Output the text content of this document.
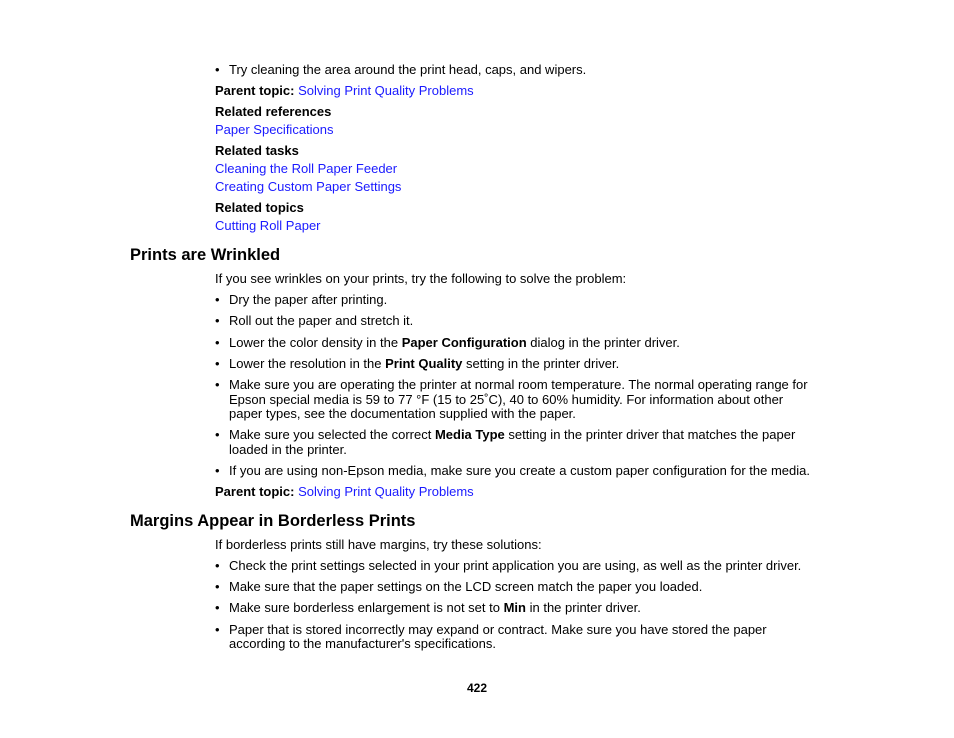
• Try cleaning the area around the print head, caps, and wipers.
Parent topic: Solving Print Quality Problems
Related references
Paper Specifications
Related tasks
Cleaning the Roll Paper Feeder
Creating Custom Paper Settings
Related topics
Cutting Roll Paper
Prints are Wrinkled
If you see wrinkles on your prints, try the following to solve the problem:
• Dry the paper after printing.
• Roll out the paper and stretch it.
• Lower the color density in the Paper Configuration dialog in the printer driver.
• Lower the resolution in the Print Quality setting in the printer driver.
• Make sure you are operating the printer at normal room temperature. The normal operating range for
Epson special media is 59 to 77 °F (15 to 25˚C), 40 to 60% humidity. For information about other
paper types, see the documentation supplied with the paper.
• Make sure you selected the correct Media Type setting in the printer driver that matches the paper
loaded in the printer.
• If you are using non-Epson media, make sure you create a custom paper configuration for the media.
Parent topic: Solving Print Quality Problems
Margins Appear in Borderless Prints
If borderless prints still have margins, try these solutions:
• Check the print settings selected in your print application you are using, as well as the printer driver.
• Make sure that the paper settings on the LCD screen match the paper you loaded.
• Make sure borderless enlargement is not set to Min in the printer driver.
• Paper that is stored incorrectly may expand or contract. Make sure you have stored the paper
according to the manufacturer's specifications.
422
